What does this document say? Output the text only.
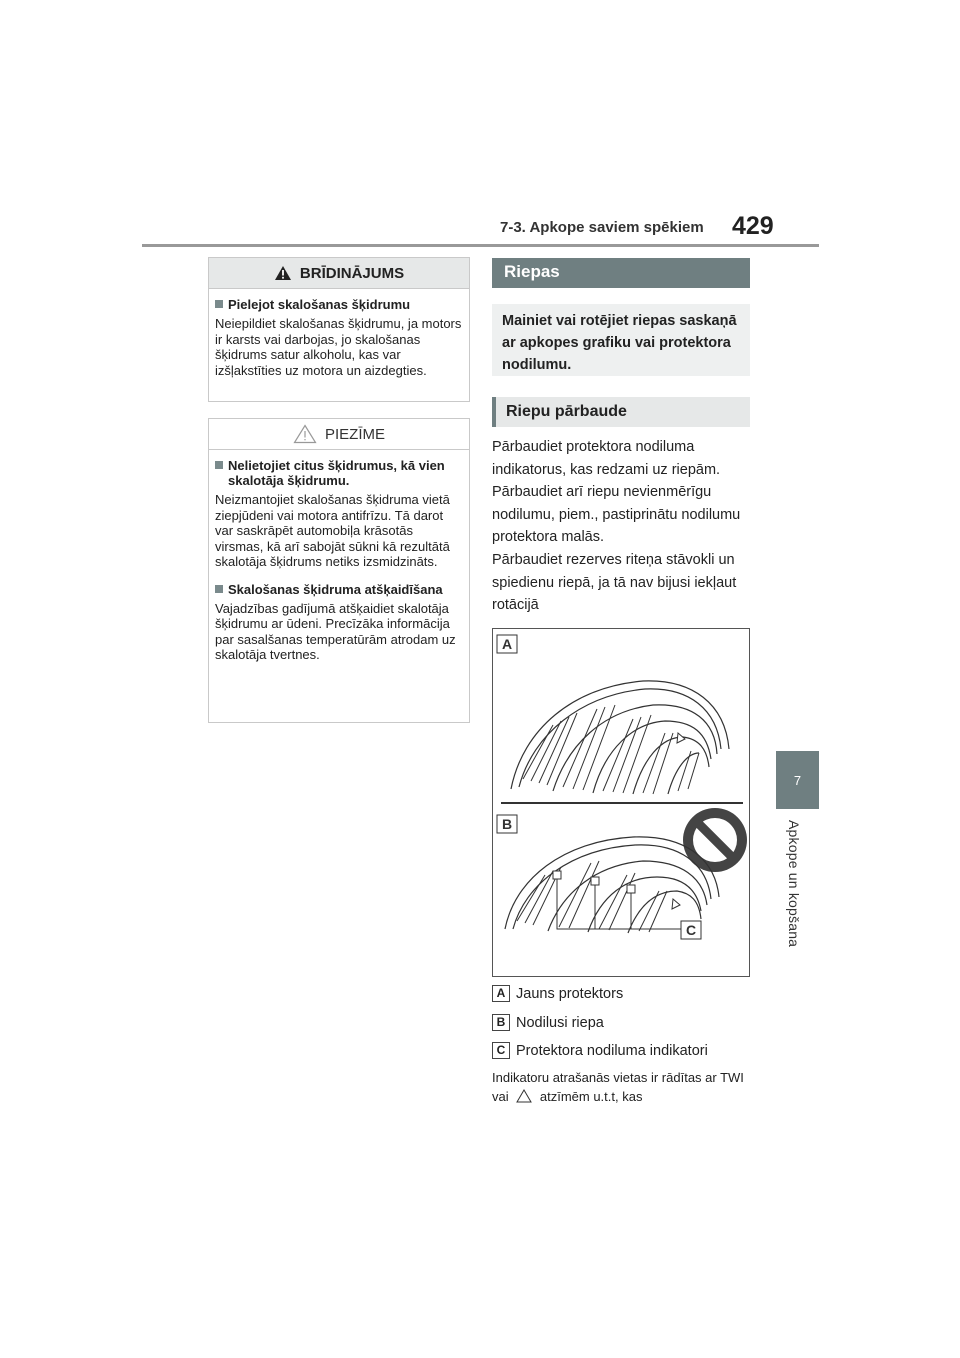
7-3. Apkope saviem spēkiem 429
7
Apkope un kopšana
BRĪDINĀJUMS
Pielejot skalošanas šķidrumu
Neiepildiet skalošanas šķidrumu, ja motors ir karsts vai darbojas, jo skalošanas šķidrums satur alkoholu, kas var izšļakstīties uz motora un aizdegties.
PIEZĪME
Nelietojiet citus šķidrumus, kā vien skalotāja šķidrumu.
Neizmantojiet skalošanas šķidruma vietā ziepjūdeni vai motora antifrīzu. Tā darot var saskrāpēt automobiļa krāsotās virsmas, kā arī sabojāt sūkni kā rezultātā skalotāja šķidrums netiks izsmidzināts.
Skalošanas šķidruma atšķaidīšana
Vajadzības gadījumā atšķaidiet skalotāja šķidrumu ar ūdeni. Precīzāka informācija par sasalšanas temperatūrām atrodam uz skalotāja tvertnes.
Riepas
Mainiet vai rotējiet riepas saskaņā ar apkopes grafiku vai protektora nodilumu.
Riepu pārbaude
Pārbaudiet protektora nodiluma indikatorus, kas redzami uz riepām. Pārbaudiet arī riepu nevienmērīgu nodilumu, piem., pastiprinātu nodilumu protektora malās.
Pārbaudiet rezerves riteņa stāvokli un spiedienu riepā, ja tā nav bijusi iekļaut rotācijā
A
B
C
A Jauns protektors
B Nodilusi riepa
C Protektora nodiluma indikatori
Indikatoru atrašanās vietas ir rādītas ar TWI vai atzīmēm u.t.t, kas
